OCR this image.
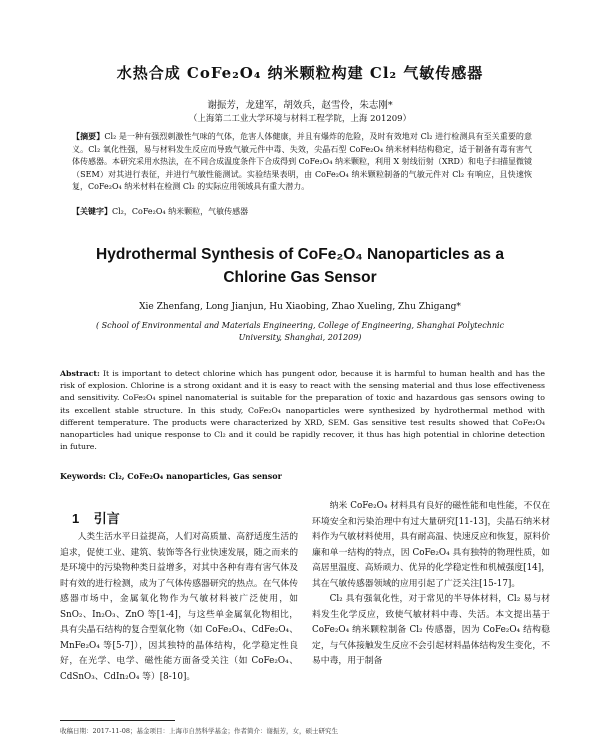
水热合成 CoFe₂O₄ 纳米颗粒构建 Cl₂ 气敏传感器
谢振芳，龙建军，胡效兵，赵雪伶，朱志刚*
（上海第二工业大学环境与材料工程学院，上海 201209）
【摘要】Cl₂ 是一种有强烈刺激性气味的气体，危害人体健康，并且有爆炸的危险，及时有效地对 Cl₂ 进行检测具有至关重要的意义。Cl₂ 氧化性强，易与材料发生反应而导致气敏元件中毒、失效，尖晶石型 CoFe₂O₄ 纳米材料结构稳定，适于制备有毒有害气体传感器。本研究采用水热法，在不同合成温度条件下合成得到 CoFe₂O₄ 纳米颗粒，利用 X 射线衍射（XRD）和电子扫描显微镜（SEM）对其进行表征，并进行气敏性能测试。实验结果表明，由 CoFe₂O₄ 纳米颗粒制备的气敏元件对 Cl₂ 有响应，且快速恢复，CoFe₂O₄ 纳米材料在检测 Cl₂ 的实际应用领域具有重大潜力。
【关键字】Cl₂，CoFe₂O₄ 纳米颗粒，气敏传感器
Hydrothermal Synthesis of CoFe₂O₄ Nanoparticles as a
Chlorine Gas Sensor
Xie Zhenfang, Long Jianjun, Hu Xiaobing, Zhao Xueling, Zhu Zhigang*
( School of Environmental and Materials Engineering, College of Engineering, Shanghai Polytechnic University, Shanghai, 201209)
Abstract: It is important to detect chlorine which has pungent odor, because it is harmful to human health and has the risk of explosion. Chlorine is a strong oxidant and it is easy to react with the sensing material and thus lose effectiveness and sensitivity. CoFe₂O₄ spinel nanomaterial is suitable for the preparation of toxic and hazardous gas sensors owing to its excellent stable structure. In this study, CoFe₂O₄ nanoparticles were synthesized by hydrothermal method with different temperature. The products were characterized by XRD, SEM. Gas sensitive test results showed that CoFe₂O₄ nanoparticles had unique response to Cl₂ and it could be rapidly recover, it thus has high potential in chlorine detection in future.
Keywords: Cl₂, CoFe₂O₄ nanoparticles, Gas sensor
1 引言
人类生活水平日益提高，人们对高质量、高舒适度生活的追求，促使工业、建筑、装饰等各行业快速发展，随之而来的是环境中的污染物种类日益增多，对其中各种有毒有害气体及时有效的进行检测，成为了气体传感器研究的热点。在气体传感器市场中，金属氧化物作为气敏材料被广泛使用，如 SnO₂、In₂O₃、ZnO 等[1-4]，与这些单金属氧化物相比，具有尖晶石结构的复合型氧化物（如 CoFe₂O₄、CdFe₂O₄、MnFe₂O₄ 等[5-7]），因其独特的晶体结构，化学稳定性良好，在光学、电学、磁性能方面备受关注（如 CoFe₂O₄、CdSnO₃、CdIn₂O₄ 等）[8-10]。
纳米 CoFe₂O₄ 材料具有良好的磁性能和电性能，不仅在环境安全和污染治理中有过大量研究[11-13]，尖晶石纳米材料作为气敏材料使用，具有耐高温、快速反应和恢复，原料价廉和单一结构的特点，因 CoFe₂O₄ 具有独特的物理性质，如高居里温度、高矫顽力、优异的化学稳定性和机械强度[14]，其在气敏传感器领域的应用引起了广泛关注[15-17]。
Cl₂ 具有强氧化性，对于常见的半导体材料，Cl₂ 易与材料发生化学反应，致使气敏材料中毒、失活。本文提出基于 CoFe₂O₄ 纳米颗粒制备 Cl₂ 传感器，因为 CoFe₂O₄ 结构稳定，与气体接触发生反应不会引起材料晶体结构发生变化，不易中毒，用于制备
收稿日期：2017-11-08；基金项目：上海市自然科学基金；作者简介：谢振芳，女，硕士研究生
